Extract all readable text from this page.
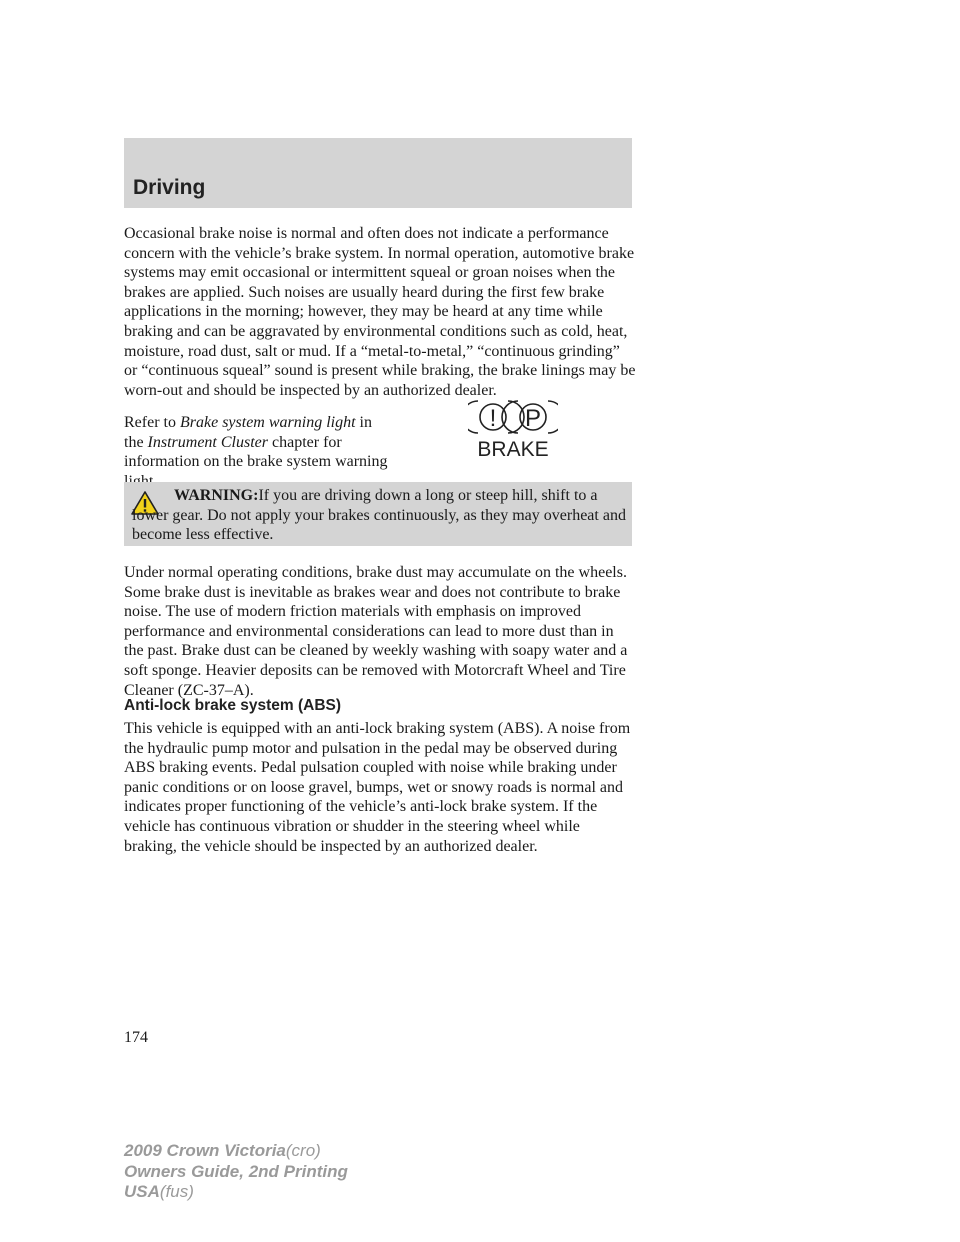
Driving

Occasional brake noise is normal and often does not indicate a performance concern with the vehicle’s brake system. In normal operation, automotive brake systems may emit occasional or intermittent squeal or groan noises when the brakes are applied. Such noises are usually heard during the first few brake applications in the morning; however, they may be heard at any time while braking and can be aggravated by environmental conditions such as cold, heat, moisture, road dust, salt or mud. If a “metal-to-metal,” “continuous grinding” or “continuous squeal” sound is present while braking, the brake linings may be worn-out and should be inspected by an authorized dealer.

Refer to Brake system warning light in the Instrument Cluster chapter for information on the brake system warning

! P
BRAKE

WARNING:If you are driving down a long or steep hill, shift to a lower gear. Do not apply your brakes continuously, as they may overheat and become less effective.

Under normal operating conditions, brake dust may accumulate on the wheels. Some brake dust is inevitable as brakes wear and does not contribute to brake noise. The use of modern friction materials with emphasis on improved performance and environmental considerations can lead to more dust than in the past. Brake dust can be cleaned by weekly washing with soapy water and a soft sponge. Heavier deposits can be removed with Motorcraft Wheel and Tire Cleaner (ZC-37–A).

Anti-lock brake system (ABS)

This vehicle is equipped with an anti-lock braking system (ABS). A noise from the hydraulic pump motor and pulsation in the pedal may be observed during ABS braking events. Pedal pulsation coupled with noise while braking under panic conditions or on loose gravel, bumps, wet or snowy roads is normal and indicates proper functioning of the vehicle’s anti-lock brake system. If the vehicle has continuous vibration or shudder in the steering wheel while braking, the vehicle should be inspected by an authorized dealer.

174
2009 Crown Victoria(cro)
Owners Guide, 2nd Printing
USA(fus)
